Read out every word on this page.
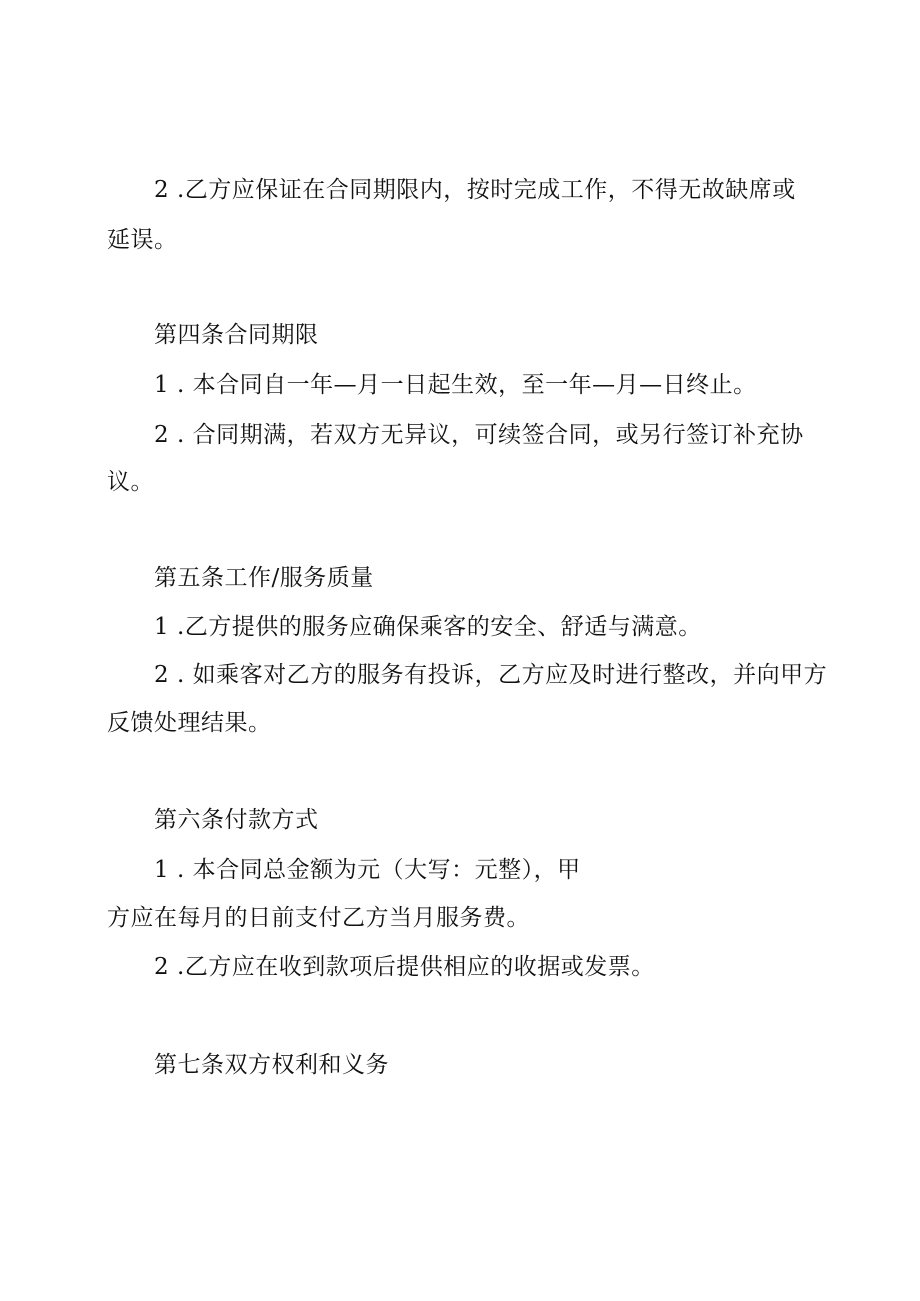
2 .乙方应保证在合同期限内，按时完成工作，不得无故缺席或
延误。
第四条合同期限
1 . 本合同自一年—月一日起生效，至一年—月—日终止。
2 . 合同期满，若双方无异议，可续签合同，或另行签订补充协
议。
第五条工作/服务质量
1 .乙方提供的服务应确保乘客的安全、舒适与满意。
2 . 如乘客对乙方的服务有投诉，乙方应及时进行整改，并向甲方
反馈处理结果。
第六条付款方式
1 . 本合同总金额为元（大写：元整），甲
方应在每月的日前支付乙方当月服务费。
2 .乙方应在收到款项后提供相应的收据或发票。
第七条双方权利和义务
